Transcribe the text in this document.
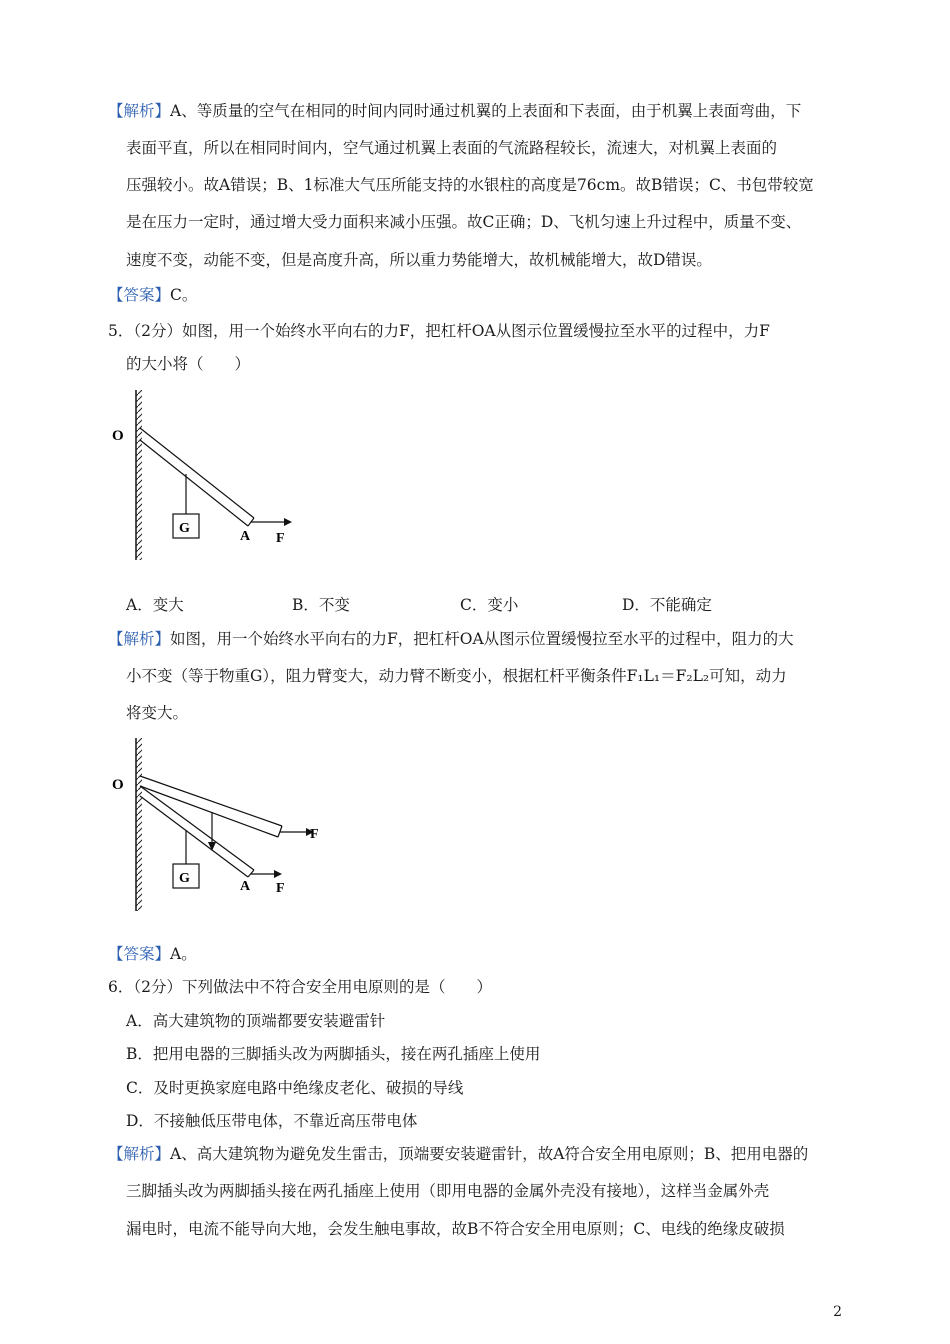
【解析】A、等质量的空气在相同的时间内同时通过机翼的上表面和下表面，由于机翼上表面弯曲，下
表面平直，所以在相同时间内，空气通过机翼上表面的气流路程较长，流速大，对机翼上表面的
压强较小。故A错误；B、1标准大气压所能支持的水银柱的高度是76cm。故B错误；C、书包带较宽
是在压力一定时，通过增大受力面积来减小压强。故C正确；D、飞机匀速上升过程中，质量不变、
速度不变，动能不变，但是高度升高，所以重力势能增大，故机械能增大，故D错误。
【答案】C。
5．（2分）如图，用一个始终水平向右的力F，把杠杆OA从图示位置缓慢拉至水平的过程中，力F
的大小将（　　）
O
G
A F
A．变大	B．不变	C．变小	D．不能确定
【解析】如图，用一个始终水平向右的力F，把杠杆OA从图示位置缓慢拉至水平的过程中，阻力的大
小不变（等于物重G），阻力臂变大，动力臂不断变小，根据杠杆平衡条件F₁L₁＝F₂L₂可知，动力
将变大。
O
F
G
A F
【答案】A。
6．（2分）下列做法中不符合安全用电原则的是（　　）
A．高大建筑物的顶端都要安装避雷针
B．把用电器的三脚插头改为两脚插头，接在两孔插座上使用
C．及时更换家庭电路中绝缘皮老化、破损的导线
D．不接触低压带电体，不靠近高压带电体
【解析】A、高大建筑物为避免发生雷击，顶端要安装避雷针，故A符合安全用电原则；B、把用电器的
三脚插头改为两脚插头接在两孔插座上使用（即用电器的金属外壳没有接地），这样当金属外壳
漏电时，电流不能导向大地，会发生触电事故，故B不符合安全用电原则；C、电线的绝缘皮破损
2
